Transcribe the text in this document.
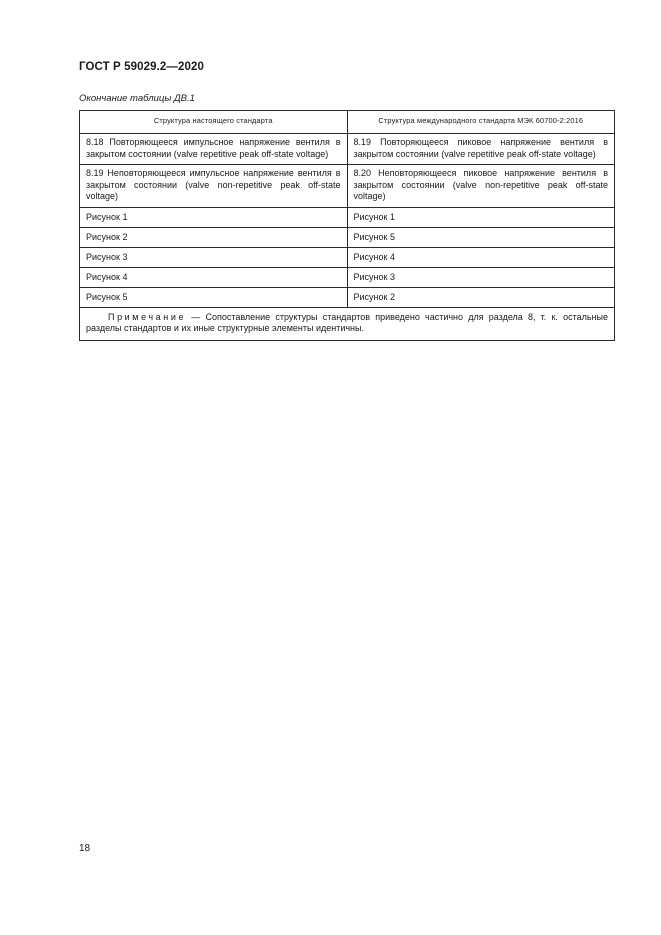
ГОСТ Р 59029.2—2020
Окончание таблицы ДВ.1
Структура настоящего стандарта	Структура международного стандарта МЭК 60700-2:2016
8.18 Повторяющееся импульсное напряжение вентиля в закрытом состоянии (valve repetitive peak off-state voltage)	8.19 Повторяющееся пиковое напряжение вентиля в закрытом состоянии (valve repetitive peak off-state voltage)
8.19 Неповторяющееся импульсное напряжение вентиля в закрытом состоянии (valve non-repetitive peak off-state voltage)	8.20 Неповторяющееся пиковое напряжение вентиля в закрытом состоянии (valve non-repetitive peak off-state voltage)
Рисунок 1	Рисунок 1
Рисунок 2	Рисунок 5
Рисунок 3	Рисунок 4
Рисунок 4	Рисунок 3
Рисунок 5	Рисунок 2
Примечание — Сопоставление структуры стандартов приведено частично для раздела 8, т. к. остальные разделы стандартов и их иные структурные элементы идентичны.	
18
